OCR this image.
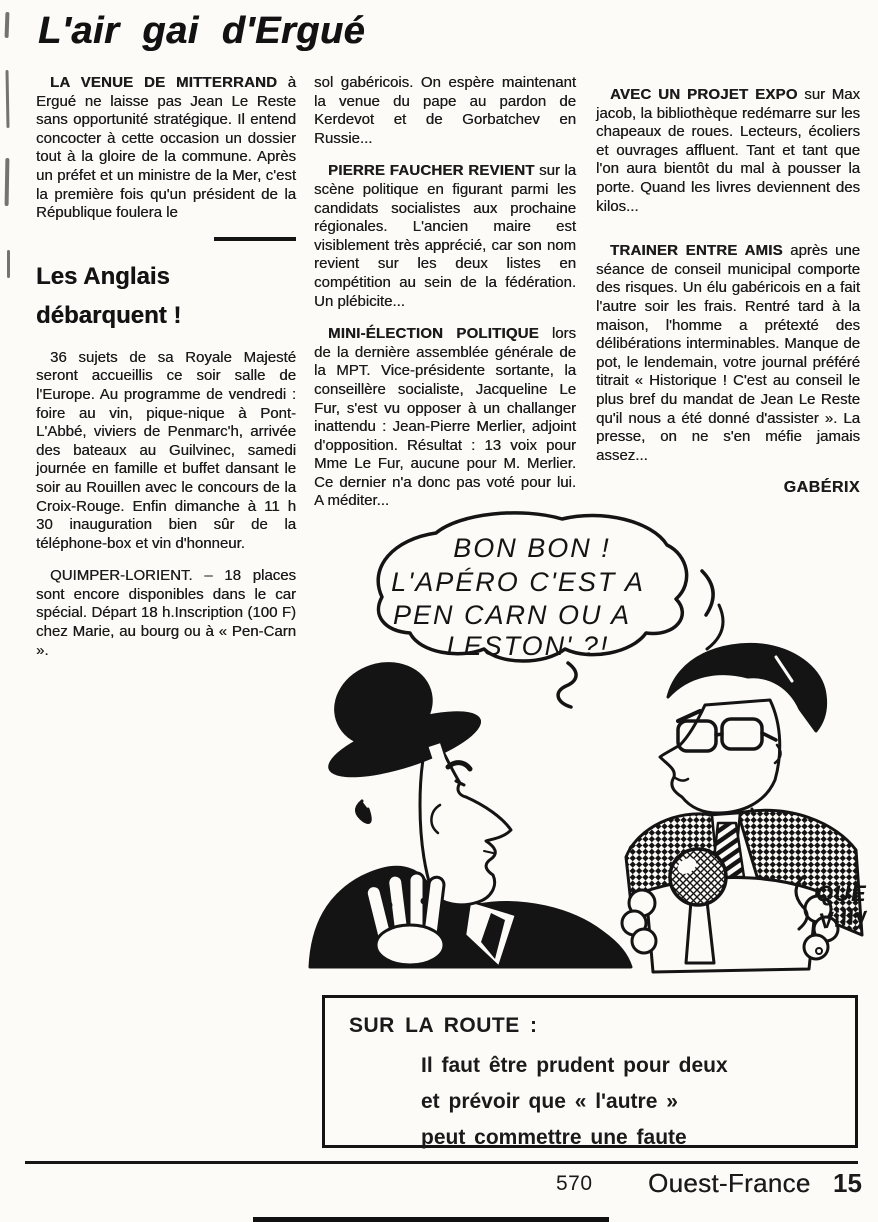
L'air gai d'Ergué

LA VENUE DE MITTERRAND à Ergué ne laisse pas Jean Le Reste sans opportunité stratégique. Il entend concocter à cette occasion un dossier tout à la gloire de la commune. Après un préfet et un ministre de la Mer, c'est la première fois qu'un président de la République foulera le

Les Anglais
débarquent !

36 sujets de sa Royale Majesté seront accueillis ce soir salle de l'Europe. Au programme de vendredi : foire au vin, pique-nique à Pont-L'Abbé, viviers de Penmarc'h, arrivée des bateaux au Guilvinec, samedi journée en famille et buffet dansant le soir au Rouillen avec le concours de la Croix-Rouge. Enfin dimanche à 11 h 30 inauguration bien sûr de la téléphone-box et vin d'honneur.

QUIMPER-LORIENT. – 18 places sont encore disponibles dans le car spécial. Départ 18 h.Inscription (100 F) chez Marie, au bourg ou à « Pen-Carn ».

sol gabéricois. On espère maintenant la venue du pape au pardon de Kerdevot et de Gorbatchev en Russie...

PIERRE FAUCHER REVIENT sur la scène politique en figurant parmi les candidats socialistes aux prochaine régionales. L'ancien maire est visiblement très apprécié, car son nom revient sur les deux listes en compétition au sein de la fédération. Un plébicite...

MINI-ÉLECTION POLITIQUE lors de la dernière assemblée générale de la MPT. Vice-présidente sortante, la conseillère socialiste, Jacqueline Le Fur, s'est vu opposer à un challanger inattendu : Jean-Pierre Merlier, adjoint d'opposition. Résultat : 13 voix pour Mme Le Fur, aucune pour M. Merlier. Ce dernier n'a donc pas voté pour lui. A méditer...

AVEC UN PROJET EXPO sur Max jacob, la bibliothèque redémarre sur les chapeaux de roues. Lecteurs, écoliers et ouvrages affluent. Tant et tant que l'on aura bientôt du mal à pousser la porte. Quand les livres deviennent des kilos...

TRAINER ENTRE AMIS après une séance de conseil municipal comporte des risques. Un élu gabéricois en a fait l'autre soir les frais. Rentré tard à la maison, l'homme a prétexté des délibérations interminables. Manque de pot, le lendemain, votre journal préféré titrait « Historique ! C'est au conseil le plus bref du mandat de Jean Le Reste qu'il nous a été donné d'assister ». La presse, on ne s'en méfie jamais assez...

GABÉRIX
BON BON !
L'APÉRO C'EST A
PEN CARN OU A
LESTON' ?!
QUE
Villy
SUR LA ROUTE :
Il faut être prudent pour deux
et prévoir que « l'autre »
peut commettre une faute
570 Ouest-France 15
